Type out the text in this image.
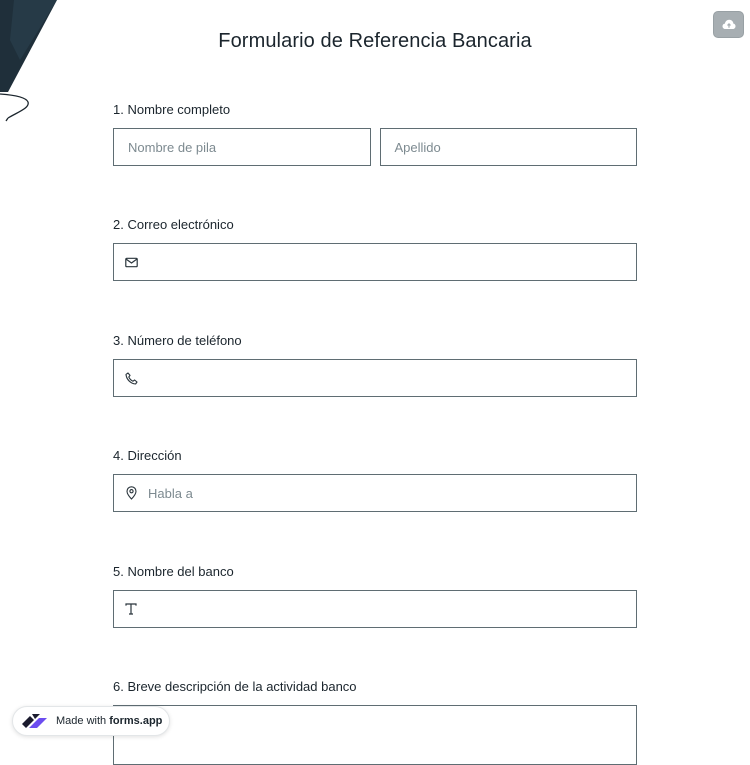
Formulario de Referencia Bancaria
1. Nombre completo
Nombre de pila	Apellido
2. Correo electrónico
3. Número de teléfono
4. Dirección
Habla a
5. Nombre del banco
6. Breve descripción de la actividad banco
Made with forms.app
